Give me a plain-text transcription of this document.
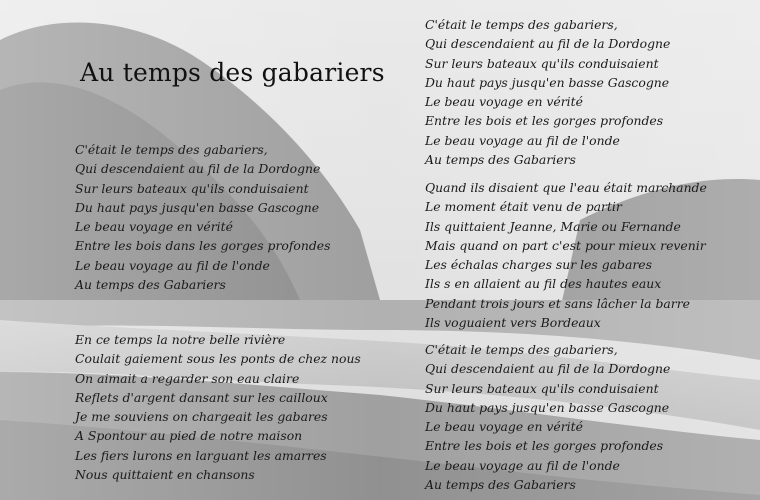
Au temps des gabariers
C'était le temps des gabariers,
Qui descendaient au fil de la Dordogne
Sur leurs bateaux qu'ils conduisaient
Du haut pays jusqu'en basse Gascogne
Le beau voyage en vérité
Entre les bois dans les gorges profondes
Le beau voyage au fil de l'onde
Au temps des Gabariers
En ce temps la notre belle rivière
Coulait gaiement sous les ponts de chez nous
On aimait a regarder son eau claire
Reflets d'argent dansant sur les cailloux
Je me souviens on chargeait les gabares
A Spontour au pied de notre maison
Les fiers lurons en larguant les amarres
Nous quittaient en chansons
C'était le temps des gabariers,
Qui descendaient au fil de la Dordogne
Sur leurs bateaux qu'ils conduisaient
Du haut pays jusqu'en basse Gascogne
Le beau voyage en vérité
Entre les bois et les gorges profondes
Le beau voyage au fil de l'onde
Au temps des Gabariers
Quand ils disaient que l'eau était marchande
Le moment était venu de partir
Ils quittaient Jeanne, Marie ou Fernande
Mais quand on part c'est pour mieux revenir
Les échalas charges sur les gabares
Ils s en allaient au fil des hautes eaux
Pendant trois jours et sans lâcher la barre
Ils voguaient vers Bordeaux
C'était le temps des gabariers,
Qui descendaient au fil de la Dordogne
Sur leurs bateaux qu'ils conduisaient
Du haut pays jusqu'en basse Gascogne
Le beau voyage en vérité
Entre les bois et les gorges profondes
Le beau voyage au fil de l'onde
Au temps des Gabariers
